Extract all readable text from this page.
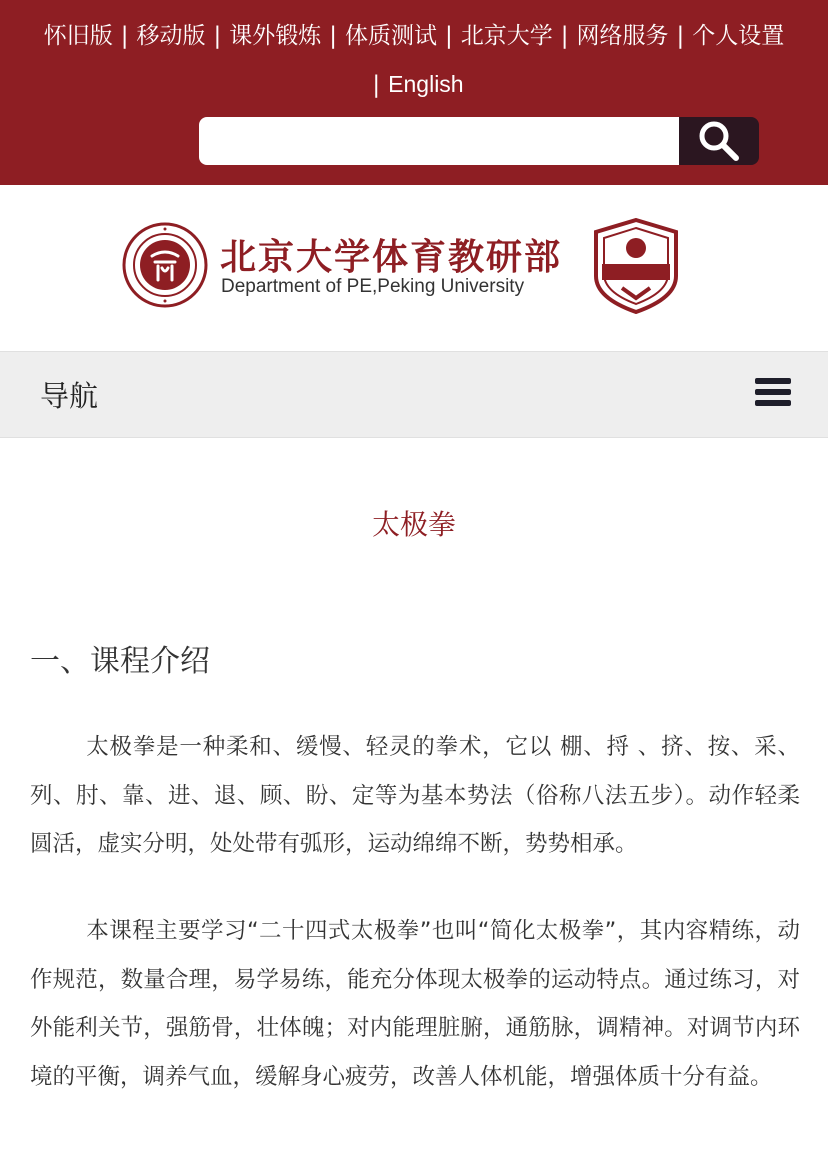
怀旧版 | 移动版 | 课外锻炼 | 体质测试 | 北京大学 | 网络服务 | 个人设置
| English
北京大学体育教研部
Department of PE,Peking University
导航
太极拳
一、课程介绍
太极拳是一种柔和、缓慢、轻灵的拳术，它以 棚、捋 、挤、按、采、列、肘、靠、进、退、顾、盼、定等为基本势法（俗称八法五步）。动作轻柔圆活，虚实分明，处处带有弧形，运动绵绵不断，势势相承。
本课程主要学习“二十四式太极拳”也叫“简化太极拳”，其内容精练，动作规范，数量合理，易学易练，能充分体现太极拳的运动特点。通过练习，对外能利关节，强筋骨，壮体魄；对内能理脏腑，通筋脉，调精神。对调节内环境的平衡，调养气血，缓解身心疲劳，改善人体机能，增强体质十分有益。
